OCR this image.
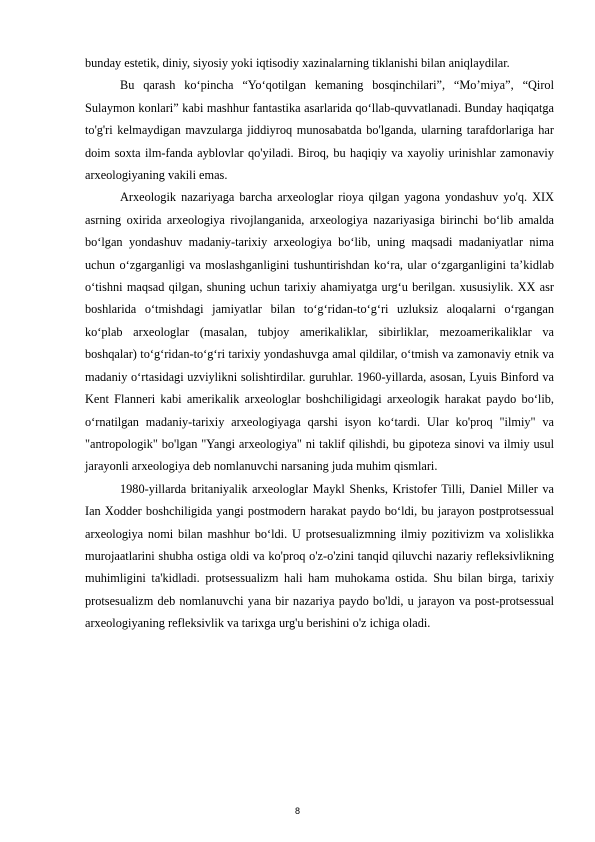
bunday estetik, diniy, siyosiy yoki iqtisodiy xazinalarning tiklanishi bilan aniqlaydilar.

Bu qarash ko‘pincha “Yo‘qotilgan kemaning bosqinchilari”, “Mo’miya”, “Qirol Sulaymon konlari” kabi mashhur fantastika asarlarida qo‘llab-quvvatlanadi. Bunday haqiqatga to'g'ri kelmaydigan mavzularga jiddiyroq munosabatda bo'lganda, ularning tarafdorlariga har doim soxta ilm-fanda ayblovlar qo'yiladi. Biroq, bu haqiqiy va xayoliy urinishlar zamonaviy arxeologiyaning vakili emas.

Arxeologik nazariyaga barcha arxeologlar rioya qilgan yagona yondashuv yo'q. XIX asrning oxirida arxeologiya rivojlanganida, arxeologiya nazariyasiga birinchi bo‘lib amalda bo‘lgan yondashuv madaniy-tarixiy arxeologiya bo‘lib, uning maqsadi madaniyatlar nima uchun o‘zgarganligi va moslashganligini tushuntirishdan ko‘ra, ular o‘zgarganligini ta’kidlab o‘tishni maqsad qilgan, shuning uchun tarixiy ahamiyatga urg‘u berilgan. xususiylik. XX asr boshlarida o‘tmishdagi jamiyatlar bilan to‘g‘ridan-to‘g‘ri uzluksiz aloqalarni o‘rgangan ko‘plab arxeologlar (masalan, tubjoy amerikaliklar, sibirliklar, mezoamerikaliklar va boshqalar) to‘g‘ridan-to‘g‘ri tarixiy yondashuvga amal qildilar, o‘tmish va zamonaviy etnik va madaniy o‘rtasidagi uzviylikni solishtirdilar. guruhlar. 1960-yillarda, asosan, Lyuis Binford va Kent Flanneri kabi amerikalik arxeologlar boshchiligidagi arxeologik harakat paydo bo‘lib, o‘rnatilgan madaniy-tarixiy arxeologiyaga qarshi isyon ko‘tardi. Ular ko'proq "ilmiy" va "antropologik" bo'lgan "Yangi arxeologiya" ni taklif qilishdi, bu gipoteza sinovi va ilmiy usul jarayonli arxeologiya deb nomlanuvchi narsaning juda muhim qismlari.

1980-yillarda britaniyalik arxeologlar Maykl Shenks, Kristofer Tilli, Daniel Miller va Ian Xodder boshchiligida yangi postmodern harakat paydo bo‘ldi, bu jarayon postprotsessual arxeologiya nomi bilan mashhur bo‘ldi. U protsesualizmning ilmiy pozitivizm va xolislikka murojaatlarini shubha ostiga oldi va ko'proq o'z-o'zini tanqid qiluvchi nazariy refleksivlikning muhimligini ta'kidladi. protsessualizm hali ham muhokama ostida. Shu bilan birga, tarixiy protsesualizm deb nomlanuvchi yana bir nazariya paydo bo'ldi, u jarayon va post-protsessual arxeologiyaning refleksivlik va tarixga urg'u berishini o'z ichiga oladi.

8
